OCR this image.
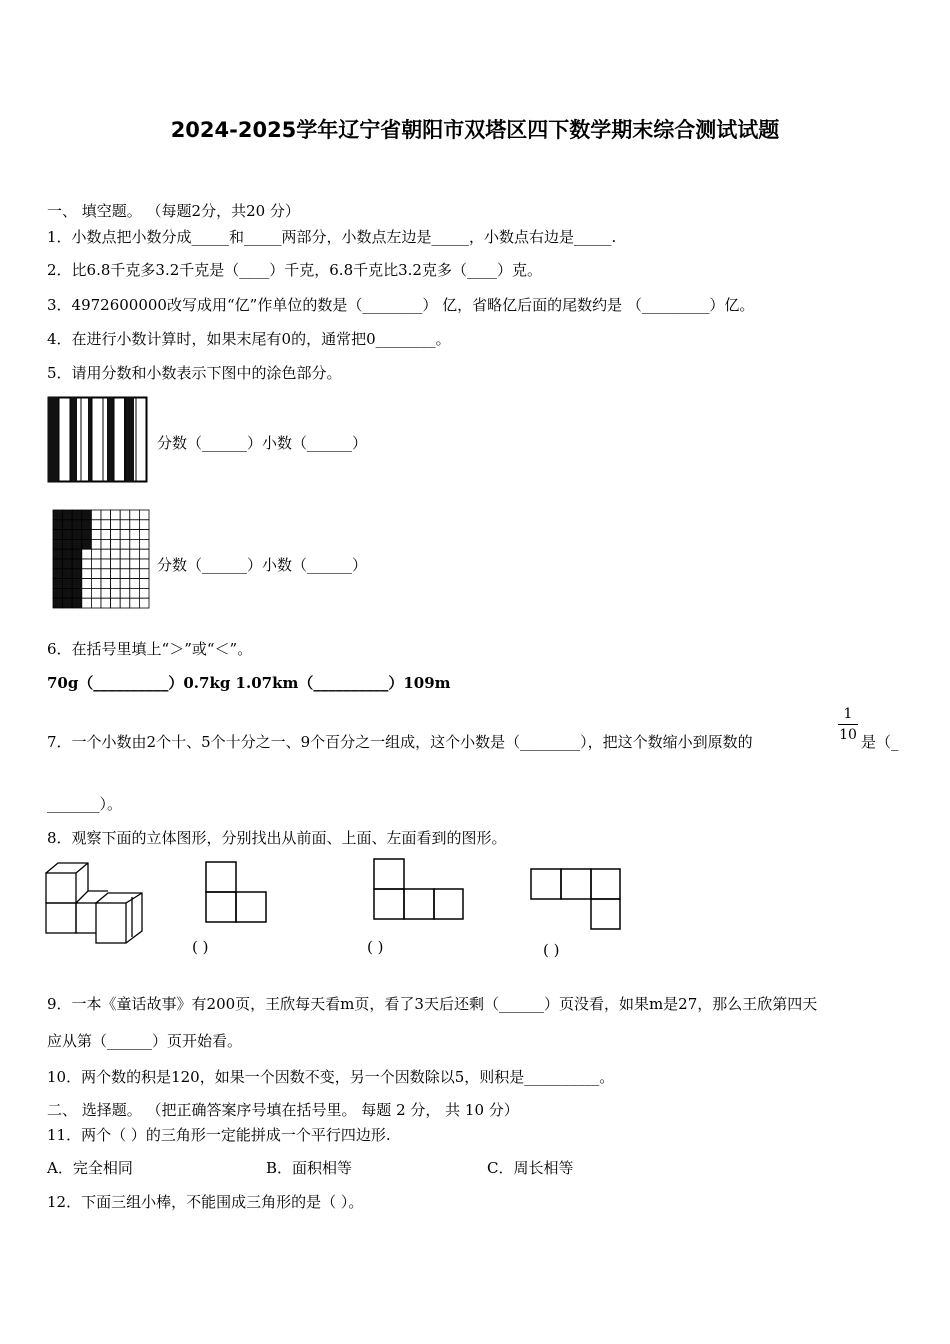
2024-2025学年辽宁省朝阳市双塔区四下数学期末综合测试试题
一、 填空题。 （每题2分，共20 分）
1．小数点把小数分成_____和_____两部分，小数点左边是_____，小数点右边是_____.
2．比6.8千克多3.2千克是（____）千克，6.8千克比3.2克多（____）克。
3．4972600000改写成用“亿”作单位的数是（________） 亿，省略亿后面的尾数约是 （_________）亿。
4．在进行小数计算时，如果末尾有0的，通常把0________。
5．请用分数和小数表示下图中的涂色部分。
分数（______）小数（______）
分数（______）小数（______）
6．在括号里填上“＞”或“＜”。
70g（__________）0.7kg 1.07km（__________）109m
7．一个小数由2个十、5个十分之一、9个百分之一组成，这个小数是（________），把这个数缩小到原数的
1
10 是（_
_______）。
8．观察下面的立体图形，分别找出从前面、上面、左面看到的图形。
( )	( )	( )
9．一本《童话故事》有200页，王欣每天看m页，看了3天后还剩（______）页没看，如果m是27，那么王欣第四天
应从第（______）页开始看。
10．两个数的积是120，如果一个因数不变，另一个因数除以5，则积是__________。
二、 选择题。 （把正确答案序号填在括号里。 每题 2 分， 共 10 分）
11．两个（ ）的三角形一定能拼成一个平行四边形.
A．完全相同	B．面积相等	C．周长相等
12．下面三组小棒，不能围成三角形的是（ ）。
